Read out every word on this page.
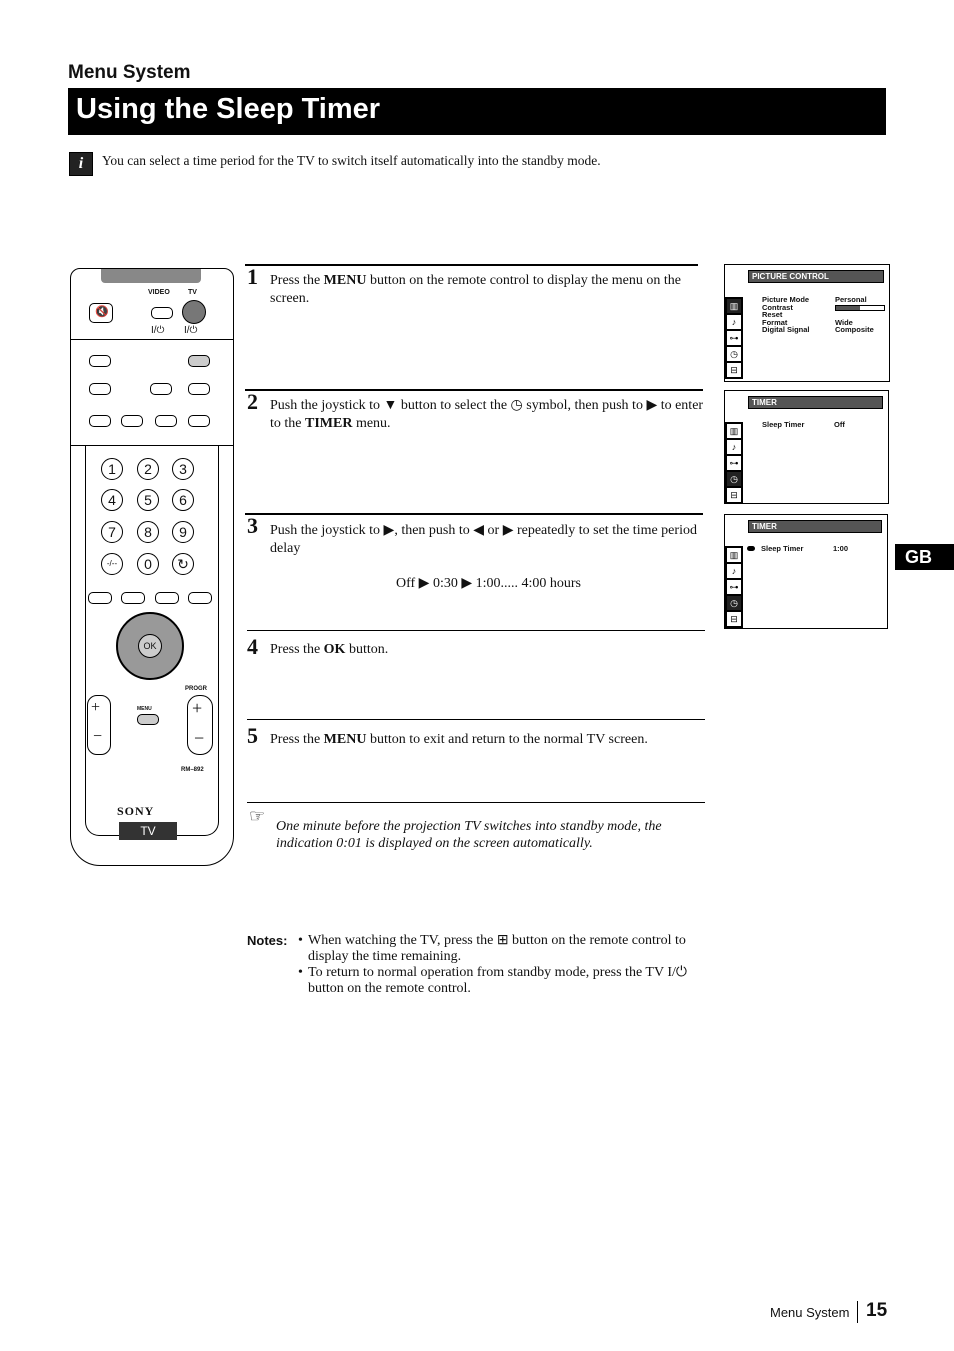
Menu System
Using the Sleep Timer
i	You can select a time period for the TV to switch itself automatically into the standby mode.
GB
VIDEO	TV
🔇
I/⏻ I/⏻
1	2	3
4	5	6
7	8	9
-/--	0	↻
OK
+
−
MENU
PROGR
+
−
RM–892
SONY
TV
1 Press the MENU button on the remote control to display the menu on the screen.
2 Push the joystick to ▼ button to select the ◷ symbol, then push to ▶ to enter to the TIMER menu.
3 Push the joystick to ▶, then push to ◀ or ▶ repeatedly to set the time period delay
Off ▶ 0:30 ▶ 1:00..... 4:00 hours
4 Press the OK button.
5 Press the MENU button to exit and return to the normal TV screen.
☞
One minute before the projection TV switches into standby mode, the indication 0:01 is displayed on the screen automatically.
PICTURE CONTROL
▥
♪
⊶
◷
⊟
Picture Mode	Personal
Contrast
Reset
Format	Wide
Digital Signal	Composite
TIMER
▥
♪
⊶
◷
⊟
Sleep Timer	Off
TIMER
▥
♪
⊶
◷
⊟
Sleep Timer	1:00
Notes: • When watching the TV, press the ⊞ button on the remote control to display the time remaining.
• To return to normal operation from standby mode, press the TV I/⏻ button on the remote control.
Menu System 15
